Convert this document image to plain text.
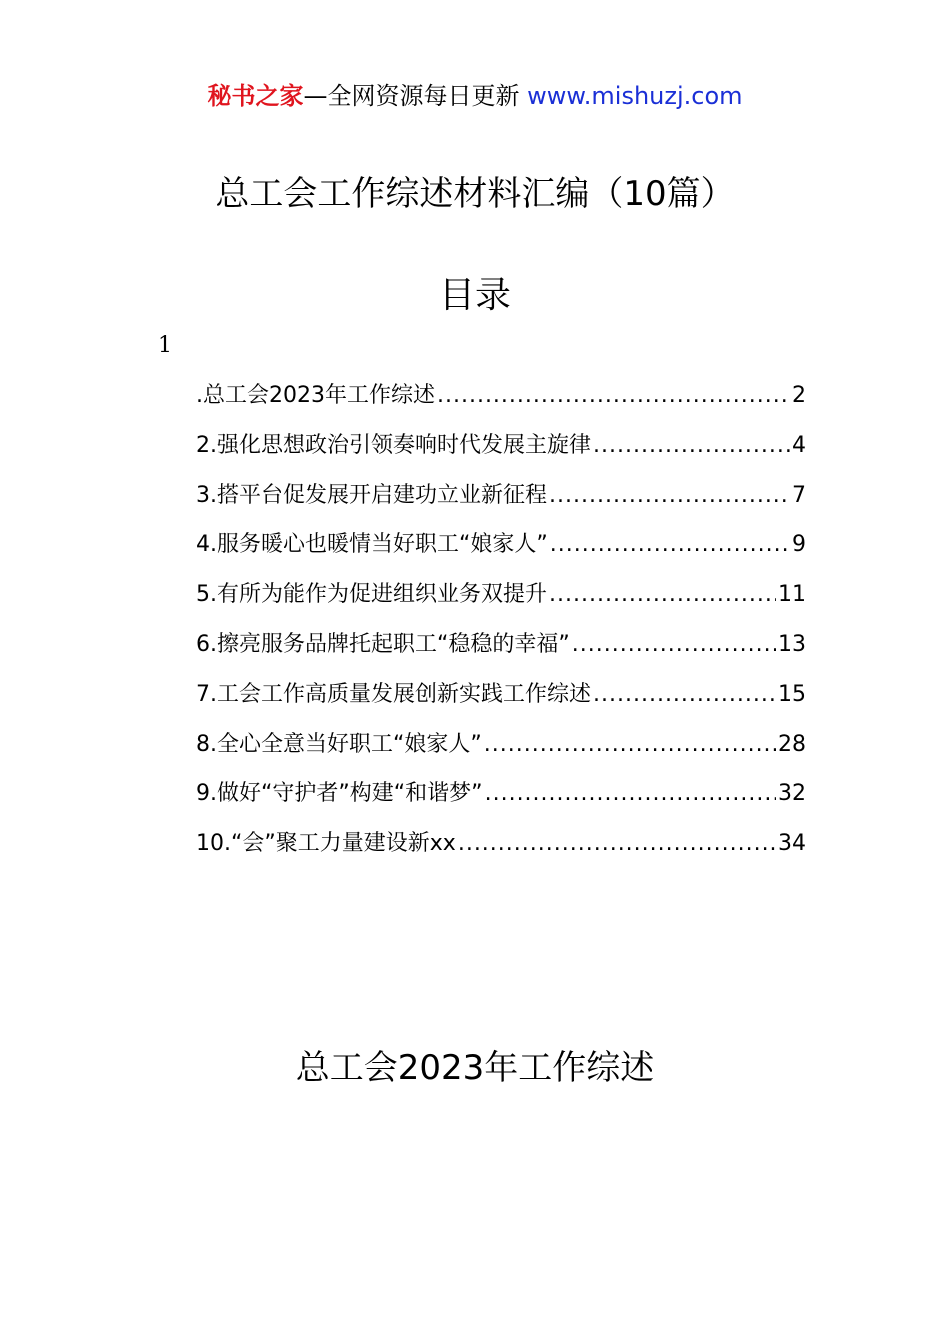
秘书之家—全网资源每日更新 www.mishuzj.com
总工会工作综述材料汇编（10篇）
目录
1
.总工会2023年工作综述 .....	2
2.强化思想政治引领奏响时代发展主旋律 .....	4
3.搭平台促发展开启建功立业新征程 .....	7
4.服务暖心也暖情当好职工“娘家人” .....	9
5.有所为能作为促进组织业务双提升 .....	11
6.擦亮服务品牌托起职工“稳稳的幸福” .....	13
7.工会工作高质量发展创新实践工作综述 .....	15
8.全心全意当好职工“娘家人” .....	28
9.做好“守护者”构建“和谐梦” .....	32
10.“会”聚工力量建设新xx .....	34
总工会2023年工作综述
